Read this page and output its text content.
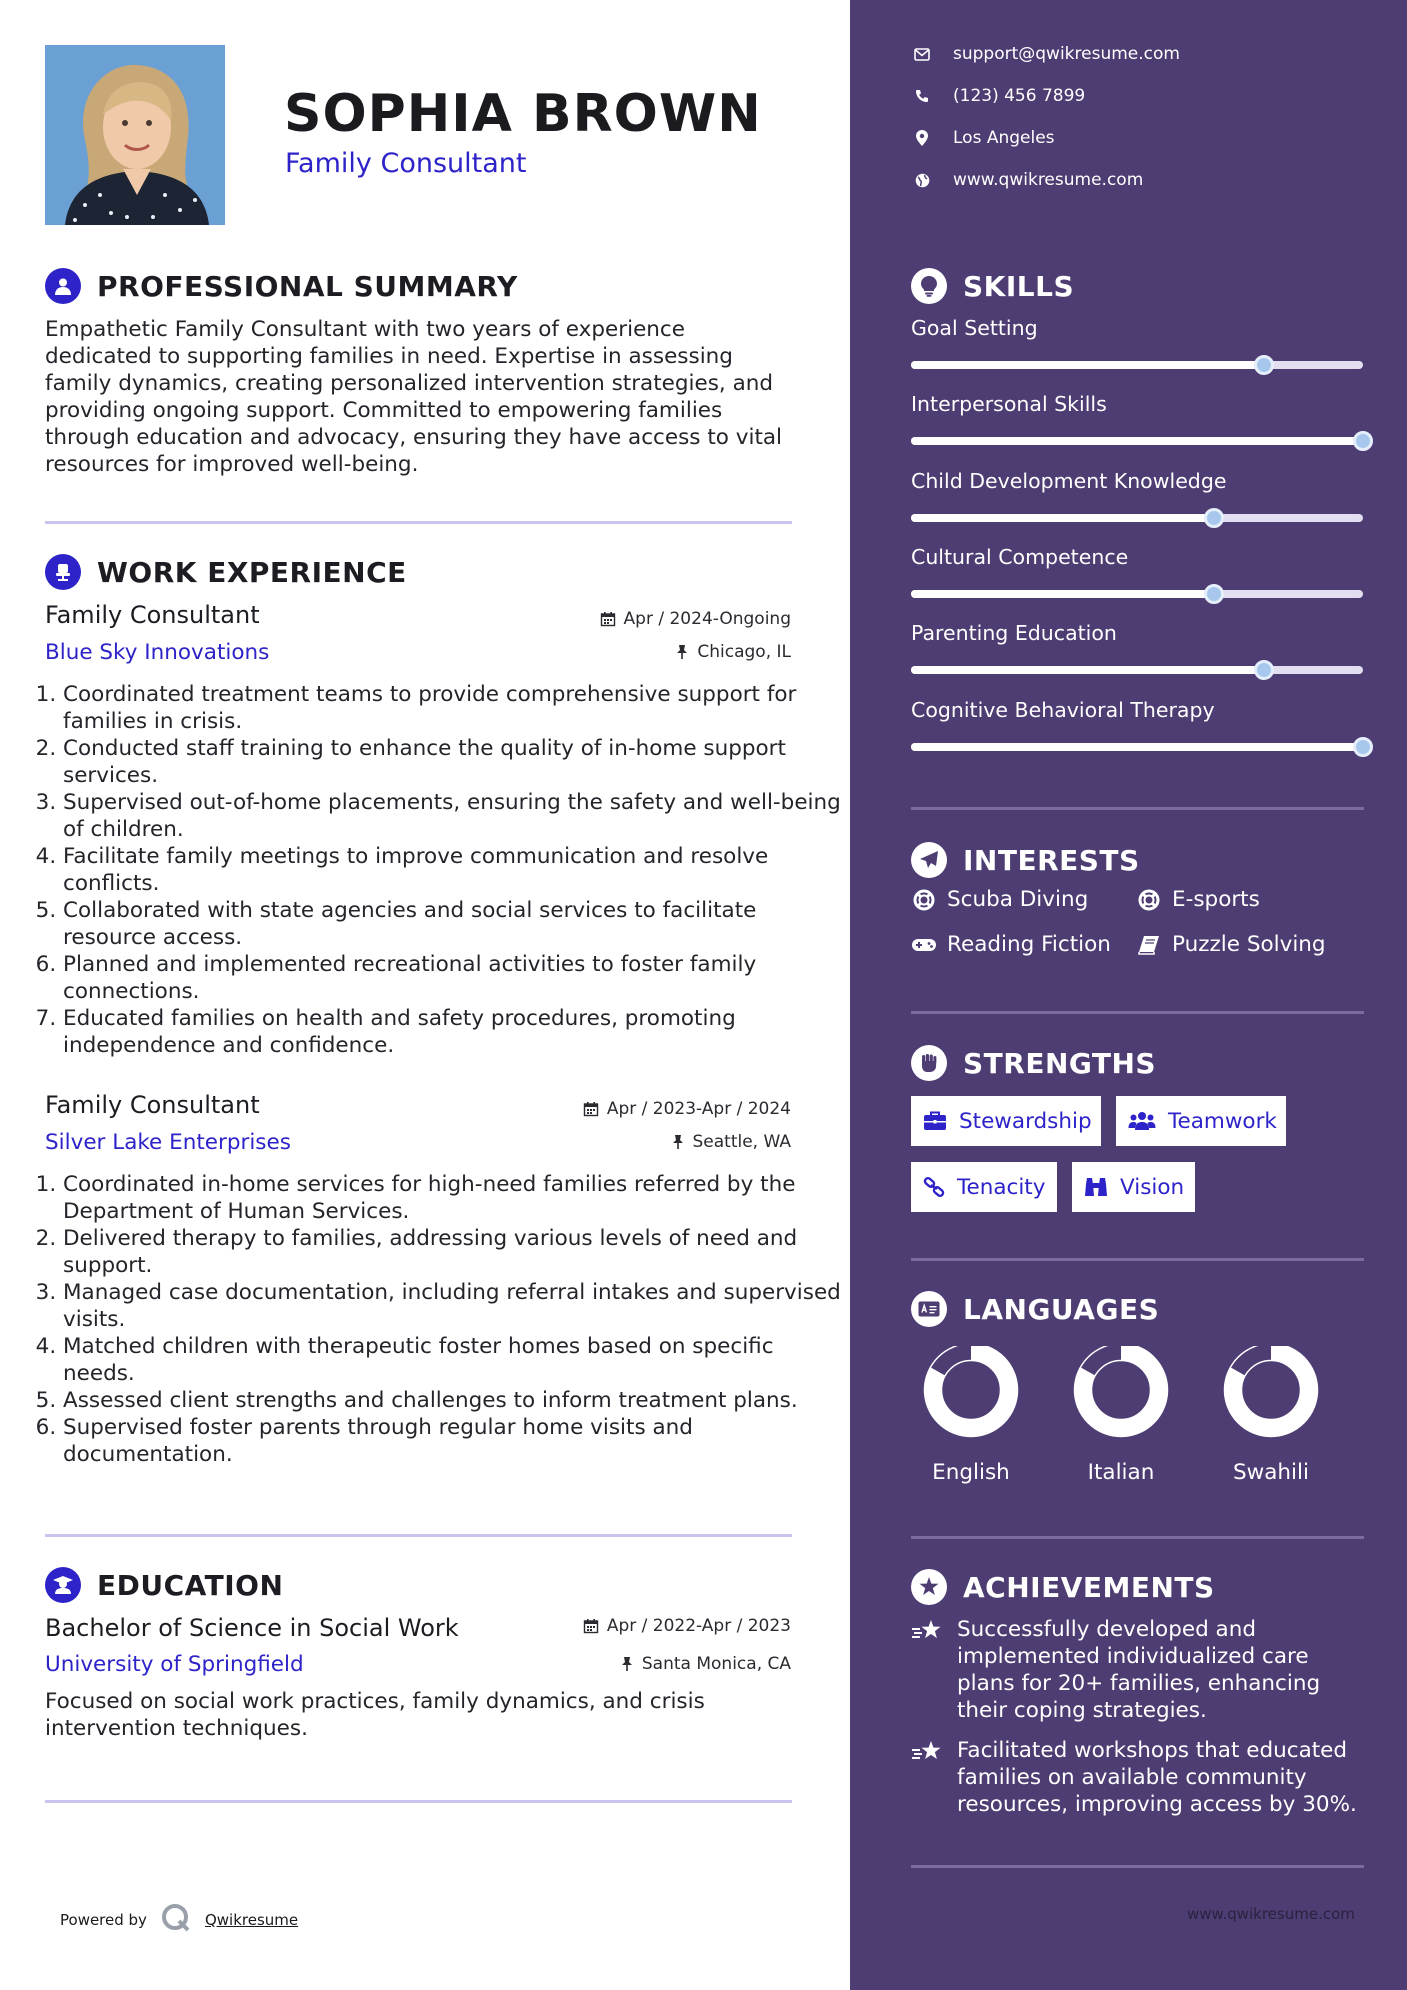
SOPHIA BROWN
Family Consultant
PROFESSIONAL SUMMARY
Empathetic Family Consultant with two years of experience dedicated to supporting families in need. Expertise in assessing family dynamics, creating personalized intervention strategies, and providing ongoing support. Committed to empowering families through education and advocacy, ensuring they have access to vital resources for improved well-being.
WORK EXPERIENCE
Family Consultant	Apr / 2024-Ongoing
Blue Sky Innovations	Chicago, IL
1. Coordinated treatment teams to provide comprehensive support for families in crisis.
2. Conducted staff training to enhance the quality of in-home support services.
3. Supervised out-of-home placements, ensuring the safety and well-being of children.
4. Facilitate family meetings to improve communication and resolve conflicts.
5. Collaborated with state agencies and social services to facilitate resource access.
6. Planned and implemented recreational activities to foster family connections.
7. Educated families on health and safety procedures, promoting independence and confidence.
Family Consultant	Apr / 2023-Apr / 2024
Silver Lake Enterprises	Seattle, WA
1. Coordinated in-home services for high-need families referred by the Department of Human Services.
2. Delivered therapy to families, addressing various levels of need and support.
3. Managed case documentation, including referral intakes and supervised visits.
4. Matched children with therapeutic foster homes based on specific needs.
5. Assessed client strengths and challenges to inform treatment plans.
6. Supervised foster parents through regular home visits and documentation.
EDUCATION
Bachelor of Science in Social Work	Apr / 2022-Apr / 2023
University of Springfield	Santa Monica, CA
Focused on social work practices, family dynamics, and crisis intervention techniques.
Powered by	Qwikresume
support@qwikresume.com
(123) 456 7899
Los Angeles
www.qwikresume.com
SKILLS
Goal Setting
Interpersonal Skills
Child Development Knowledge
Cultural Competence
Parenting Education
Cognitive Behavioral Therapy
INTERESTS
Scuba Diving	E-sports
Reading Fiction	Puzzle Solving
STRENGTHS
Stewardship	Teamwork
Tenacity	Vision
LANGUAGES
English	Italian	Swahili
ACHIEVEMENTS
Successfully developed and implemented individualized care plans for 20+ families, enhancing their coping strategies.
Facilitated workshops that educated families on available community resources, improving access by 30%.
www.qwikresume.com
